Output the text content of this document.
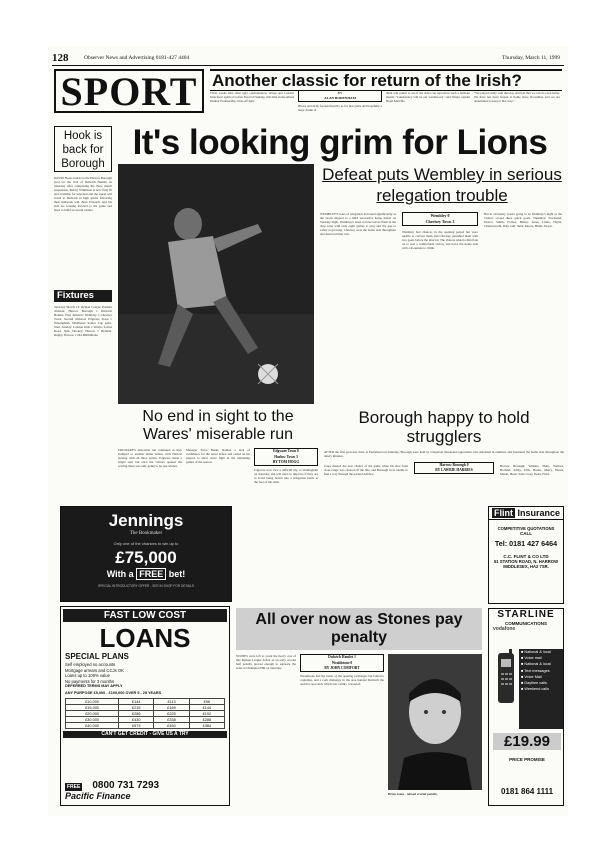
128	Observer News and Advertising 0181-427 4404	Thursday, March 11, 1999
SPORT Another classic for return of the Irish?
TWO weeks after their ugly confrontation, Wasps and London Irish meet again at Loftus Road on Sunday, this time in the Allied Dunbar Premiership, kick-off 3pm.
BY
ALAN BODENHAM
Blows and strife focused heavily as for that game and hopefully a large chunk of
them will return to see if the sides can reproduce such a brilliant match. "Consistency will be our watchword," said Wasps captain Nigel Melville.
"We played really well that day and feel that we can do even better. We have not been beaten at home since November and we are determined to keep it that way."
Hook is back for Borough
DAVID Hook returns to the Harrow Borough pool for the visit of Dulwich Hamlet on Saturday after completing his three match suspension. Bobby Wilkinson is now fully fit and available for selection and the squad will travel to Dulwich in high spirits following their midweek win. Boss Edwards said his side are looking forward to the game and hope to build on recent results.
Fixtures
Saturday March 13: Ryman League Premier division: Harrow Borough v Dulwich Hamlet. First division: Wembley v Chertsey Town. Second division: Edgware Town v Wokingham. Middlesex Senior Cup semi-final. Sunday: London Irish v Wasps, Loftus Road, 3pm. Hockey: Harrow v Hendon. Rugby: Harrow v Old Millhillians.
It's looking grim for Lions
Defeat puts Wembley in serious relegation trouble
WEMBLEY'S fears of relegation increased significantly as the Lions slipped to a third successive home defeat on Tuesday night. Wembley's latest reverse leaves them in the drop zone with only eight games to play and the gap to safety is growing. Chertsey were the better side throughout and deserved their win.
Wembley 0
Chertsey Town 3
Wembley had chances in the opening period but were unable to convert them and Chertsey punished them with two goals before the interval. The visitors added a third late on to seal a comfortable victory and leave the home side with a mountain to climb.
But in obviously wasn't going to be Wembley's night as the visitors scored three quick goals. Wembley: Townsend, Pearce, Smith, Forbes, Bailey, Jones, Lindo, Hoyle, Charlesworth, Daly, Gill. Subs: Moore, Hinds, Doyle.
No end in sight to the Wares' miserable run
EDGWARE'S miserable run continued as they slumped to another home defeat, with Harlow leaving with all three points. Edgware made a bright start but once the visitors opened the scoring there was only going to be one winner.
Manager Steve Banks blamed a lack of confidence for the latest defeat and called on his players to show more fight in the remaining games of the season.
Edgware Town 0
Harlow Town 3
BY TOM HOGG
Edgware now face a difficult trip to Wokingham on Saturday and will need to improve if they are to avoid being drawn into a relegation battle at the foot of the table.
Borough happy to hold strugglers
AFTER the first goal-less draw at Earlsmead on Saturday, Borough were held by relegation threatened opposition who defended in numbers and frustrated the home side throughout the ninety minutes.
Harrow Borough 0
BY LAWRIE HARRIES
Jones missed the best chance of the game when his shot from close range was cleared off the line, and Borough were unable to find a way through the packed defence.
Harrow Borough: Wilkins, Hunt, Wallace, Holland, Kirby, Ellis, Butler, Merry, Harris, Marsh, Hook. Subs: Gray, Dean, Field.
Jennings
The Bookmaker
Only one of the chances to win up to
£75,000
With a FREE bet!
SPECIAL INTRODUCTORY OFFER - SEE IN SHOP FOR DETAILS
FAST LOW COST
LOANS
SPECIAL PLANS
Self employed no accounts
Mortgage arrears and CCJs OK
Loans up to 100% value
No payments for 3 months
DEFERRED TERMS MAY APPLY
ANY PURPOSE £5,000 - £100,000 OVER 5 - 25 YEARS
£10,000	£144	£113	£96
£15,000	£215	£169	£144
£20,000	£286	£225	£192
£30,000	£430	£338	£288
£40,000	£573	£450	£384
CAN'T GET CREDIT - GIVE US A TRY
FREE 0800 731 7293
Pacific Finance
All over now as Stones pay penalty
STONES were left to count the heavy cost of this Ryman League defeat as an early second half penalty proved enough to separate the sides at Champion Hill on Saturday.
Dulwich Hamlet 1
Wealdstone 0
BY JOHN COMFORT
Wealdstone had the better of the opening exchanges but failed to capitalise, and a rash challenge in the area handed Dulwich the decisive spot-kick which was calmly converted.
Brian Jones - missed crucial penalty.
Flint Insurance
COMPETITIVE QUOTATIONS
CALL
Tel: 0181 427 6464
C.C. FLINT & CO LTD
51 STATION ROAD, N. HARROW
MIDDLESEX, HA2 7SR.
STARLINE
COMMUNICATIONS
vodafone
■ National & local
■ Voice mail
■ National & local
■ Text messages
■ Voice Mail
■ Daytime calls
■ Weekend calls
£19.99
PRICE PROMISE
0181 864 1111
